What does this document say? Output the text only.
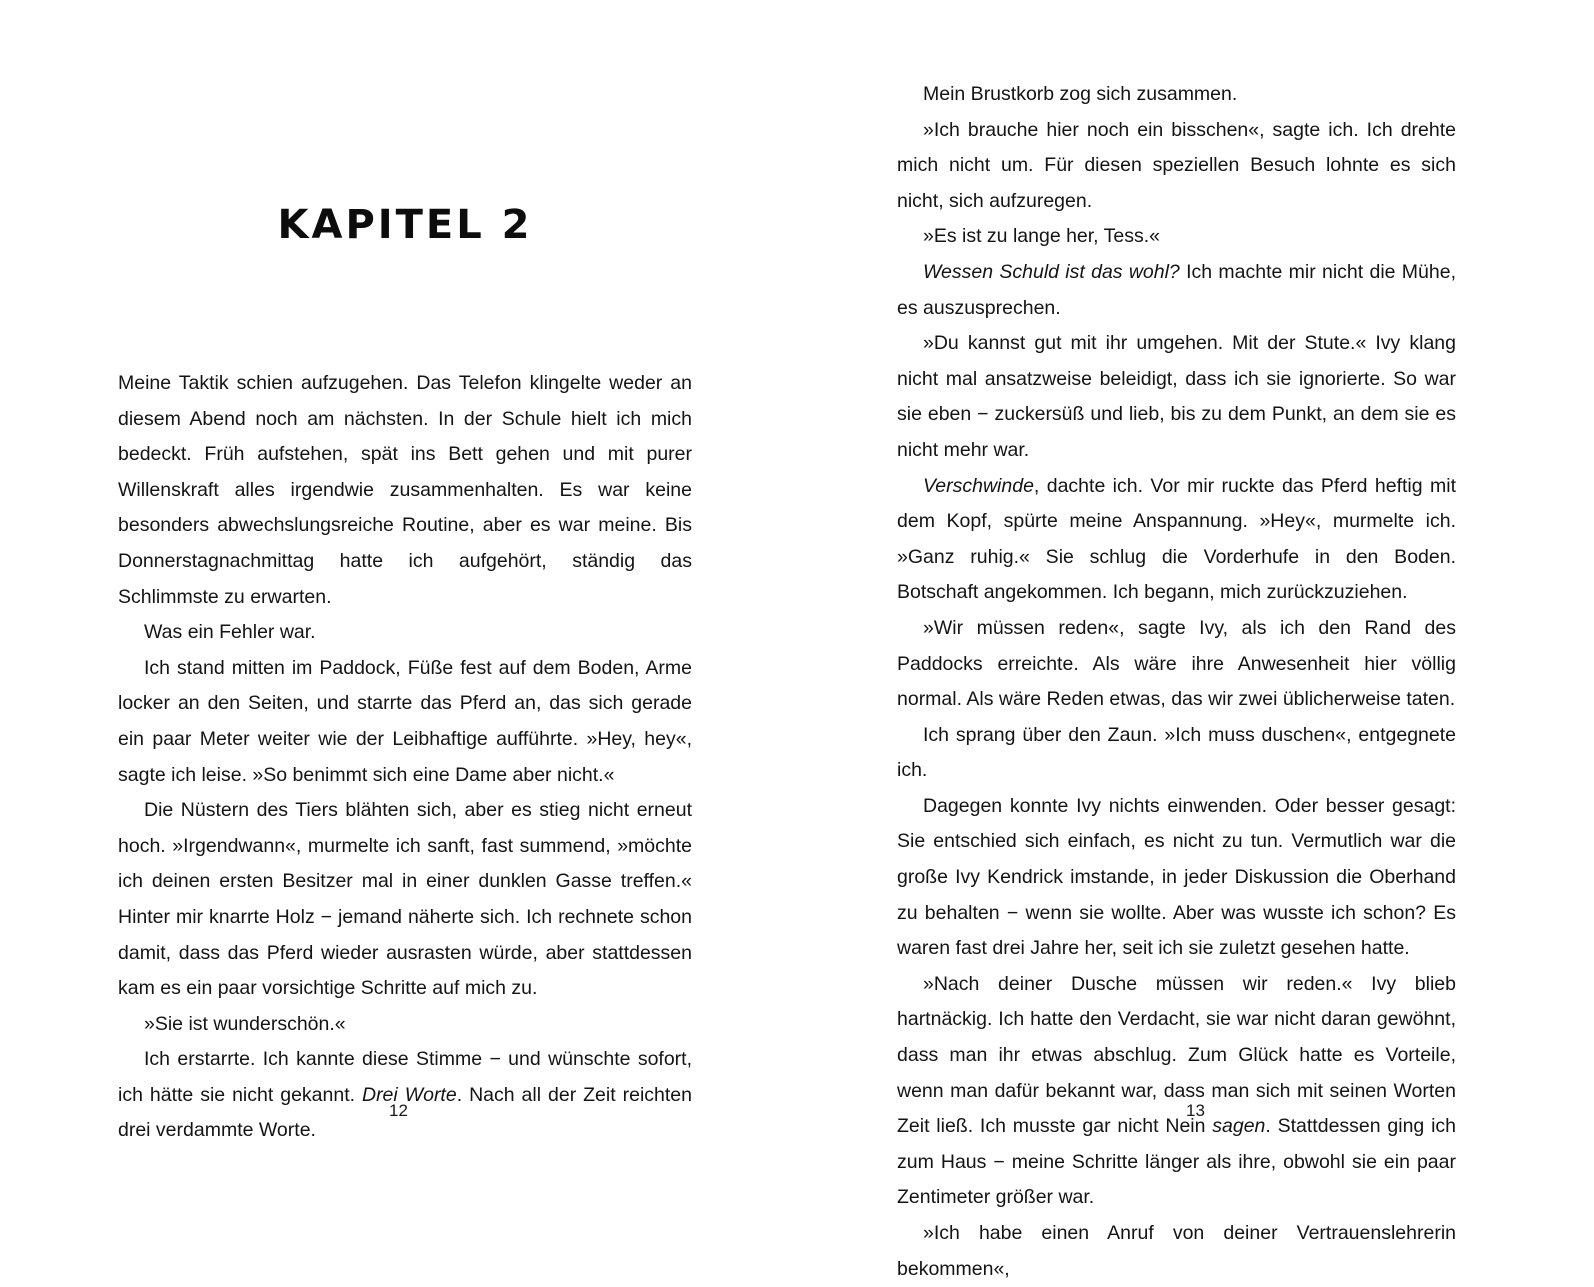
KAPITEL 2

Meine Taktik schien aufzugehen. Das Telefon klingelte weder an diesem Abend noch am nächsten. In der Schule hielt ich mich bedeckt. Früh aufstehen, spät ins Bett gehen und mit purer Willenskraft alles irgendwie zusammenhalten. Es war keine besonders abwechslungsreiche Routine, aber es war meine. Bis Donnerstagnachmittag hatte ich aufgehört, ständig das Schlimmste zu erwarten.

Was ein Fehler war.

Ich stand mitten im Paddock, Füße fest auf dem Boden, Arme locker an den Seiten, und starrte das Pferd an, das sich gerade ein paar Meter weiter wie der Leibhaftige aufführte. »Hey, hey«, sagte ich leise. »So benimmt sich eine Dame aber nicht.«

Die Nüstern des Tiers blähten sich, aber es stieg nicht erneut hoch. »Irgendwann«, murmelte ich sanft, fast summend, »möchte ich deinen ersten Besitzer mal in einer dunklen Gasse treffen.« Hinter mir knarrte Holz − jemand näherte sich. Ich rechnete schon damit, dass das Pferd wieder ausrasten würde, aber stattdessen kam es ein paar vorsichtige Schritte auf mich zu.

»Sie ist wunderschön.«

Ich erstarrte. Ich kannte diese Stimme − und wünschte sofort, ich hätte sie nicht gekannt. Drei Worte. Nach all der Zeit reichten drei verdammte Worte.

12

Mein Brustkorb zog sich zusammen.

»Ich brauche hier noch ein bisschen«, sagte ich. Ich drehte mich nicht um. Für diesen speziellen Besuch lohnte es sich nicht, sich aufzuregen.

»Es ist zu lange her, Tess.«

Wessen Schuld ist das wohl? Ich machte mir nicht die Mühe, es auszusprechen.

»Du kannst gut mit ihr umgehen. Mit der Stute.« Ivy klang nicht mal ansatzweise beleidigt, dass ich sie ignorierte. So war sie eben − zuckersüß und lieb, bis zu dem Punkt, an dem sie es nicht mehr war.

Verschwinde, dachte ich. Vor mir ruckte das Pferd heftig mit dem Kopf, spürte meine Anspannung. »Hey«, murmelte ich. »Ganz ruhig.« Sie schlug die Vorderhufe in den Boden. Botschaft angekommen. Ich begann, mich zurückzuziehen.

»Wir müssen reden«, sagte Ivy, als ich den Rand des Paddocks erreichte. Als wäre ihre Anwesenheit hier völlig normal. Als wäre Reden etwas, das wir zwei üblicherweise taten.

Ich sprang über den Zaun. »Ich muss duschen«, entgegnete ich.

Dagegen konnte Ivy nichts einwenden. Oder besser gesagt: Sie entschied sich einfach, es nicht zu tun. Vermutlich war die große Ivy Kendrick imstande, in jeder Diskussion die Oberhand zu behalten − wenn sie wollte. Aber was wusste ich schon? Es waren fast drei Jahre her, seit ich sie zuletzt gesehen hatte.

»Nach deiner Dusche müssen wir reden.« Ivy blieb hartnäckig. Ich hatte den Verdacht, sie war nicht daran gewöhnt, dass man ihr etwas abschlug. Zum Glück hatte es Vorteile, wenn man dafür bekannt war, dass man sich mit seinen Worten Zeit ließ. Ich musste gar nicht Nein sagen. Stattdessen ging ich zum Haus − meine Schritte länger als ihre, obwohl sie ein paar Zentimeter größer war.

»Ich habe einen Anruf von deiner Vertrauenslehrerin bekommen«,

13
